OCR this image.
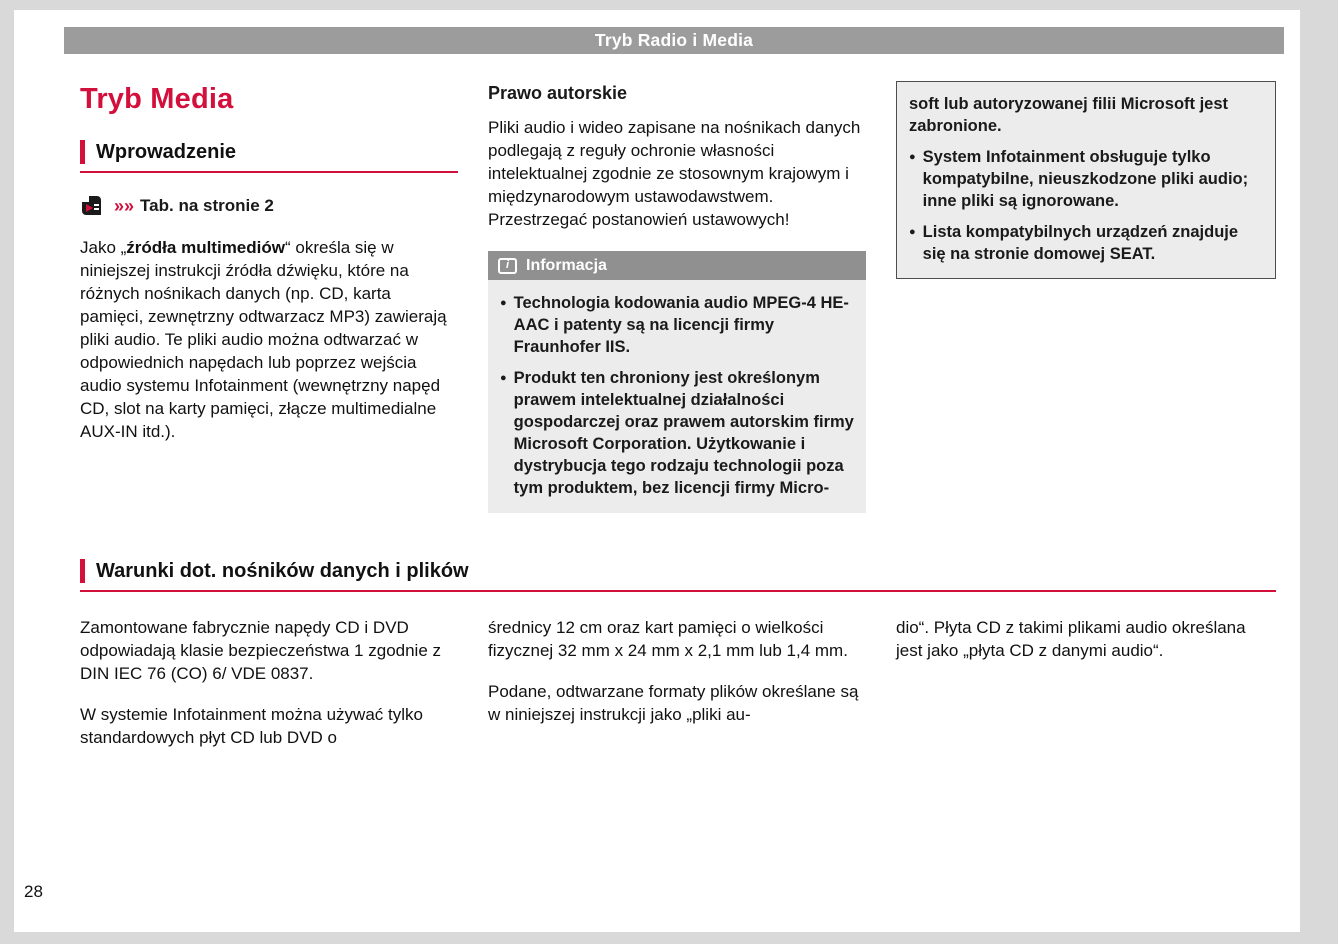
Tryb Radio i Media
Tryb Media
Wprowadzenie
»» Tab. na stronie 2

Jako „źródła multimediów“ określa się w niniejszej instrukcji źródła dźwięku, które na różnych nośnikach danych (np. CD, karta pamięci, zewnętrzny odtwarzacz MP3) zawierają pliki audio. Te pliki audio można odtwarzać w odpowiednich napędach lub poprzez wejścia audio systemu Infotainment (wewnętrzny napęd CD, slot na karty pamięci, złącze multimedialne AUX-IN itd.).

Prawo autorskie

Pliki audio i wideo zapisane na nośnikach danych podlegają z reguły ochronie własności intelektualnej zgodnie ze stosownym krajowym i międzynarodowym ustawodawstwem. Przestrzegać postanowień ustawowych!

i	Informacja

● Technologia kodowania audio MPEG-4 HE-AAC i patenty są na licencji firmy Fraunhofer IIS.

● Produkt ten chroniony jest określonym prawem intelektualnej działalności gospodarczej oraz prawem autorskim firmy Microsoft Corporation. Użytkowanie i dystrybucja tego rodzaju technologii poza tym produktem, bez licencji firmy Micro-

soft lub autoryzowanej filii Microsoft jest zabronione.

● System Infotainment obsługuje tylko kompatybilne, nieuszkodzone pliki audio; inne pliki są ignorowane.

● Lista kompatybilnych urządzeń znajduje się na stronie domowej SEAT.

Warunki dot. nośników danych i plików

Zamontowane fabrycznie napędy CD i DVD odpowiadają klasie bezpieczeństwa 1 zgodnie z DIN IEC 76 (CO) 6/ VDE 0837.

W systemie Infotainment można używać tylko standardowych płyt CD lub DVD o

średnicy 12 cm oraz kart pamięci o wielkości fizycznej 32 mm x 24 mm x 2,1 mm lub 1,4 mm.

Podane, odtwarzane formaty plików określane są w niniejszej instrukcji jako „pliki au-

dio“. Płyta CD z takimi plikami audio określana jest jako „płyta CD z danymi audio“.

28
